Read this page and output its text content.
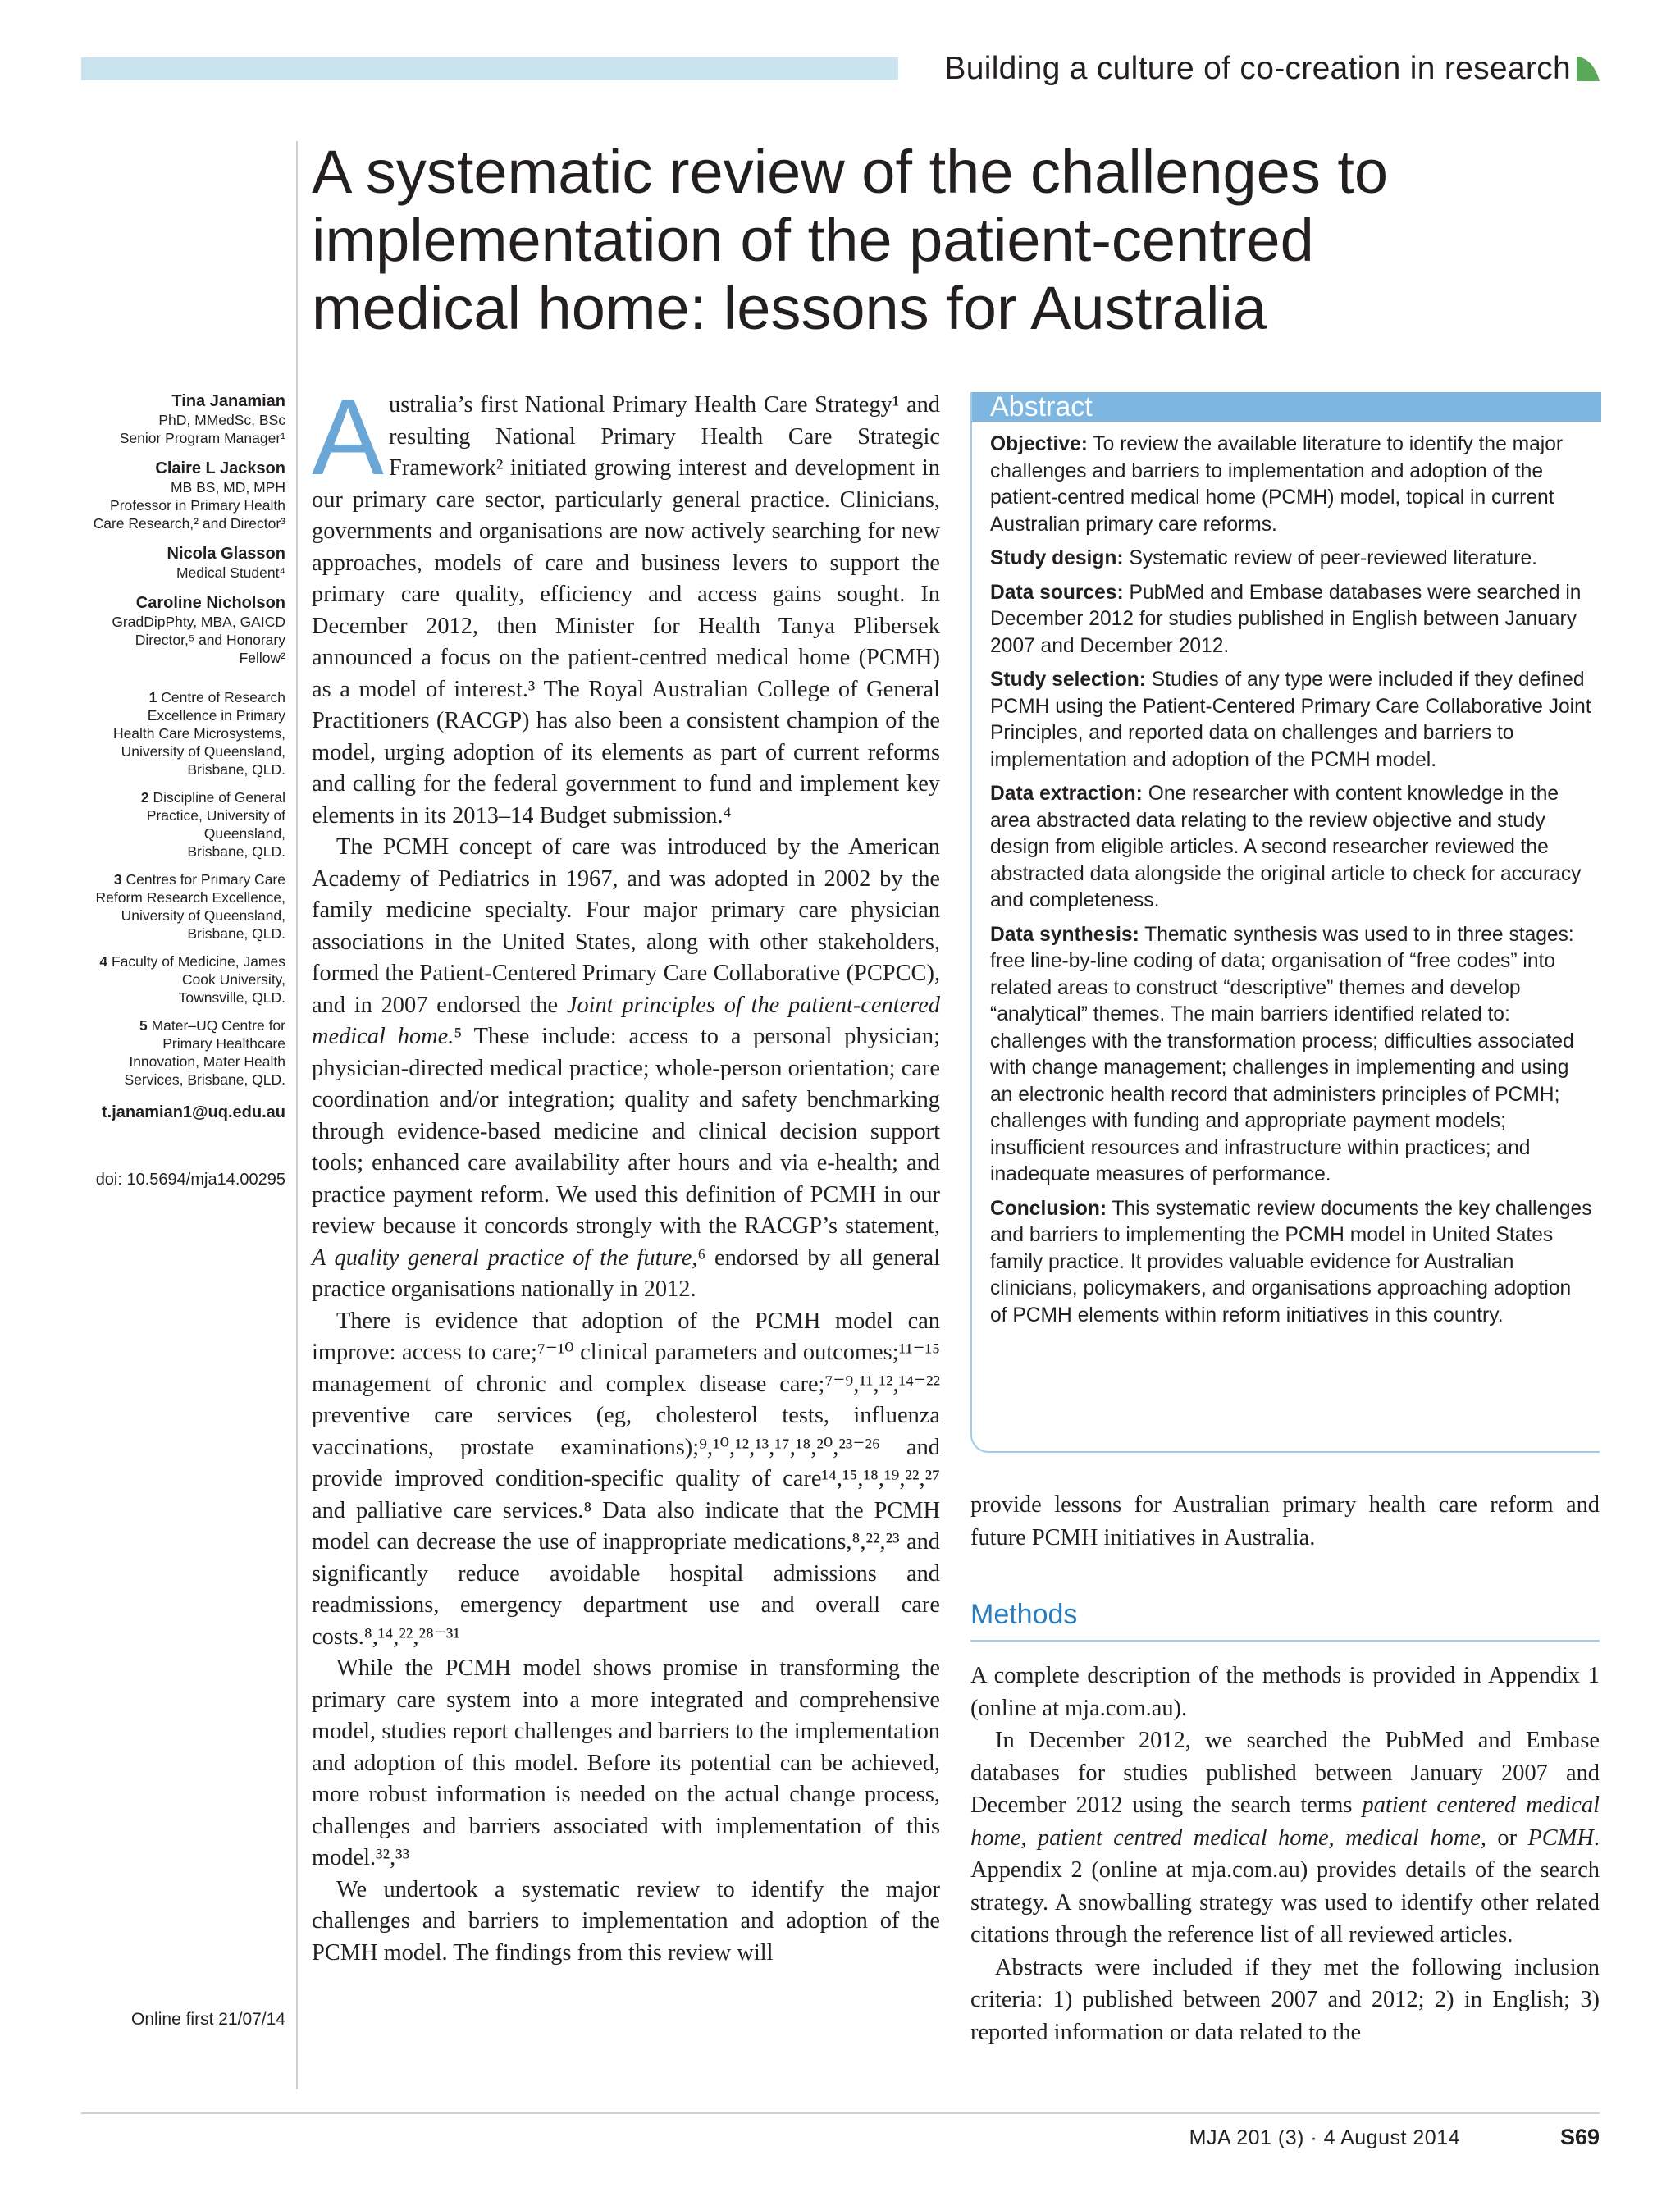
Building a culture of co-creation in research
A systematic review of the challenges to
implementation of the patient-centred
medical home: lessons for Australia
Tina Janamian
PhD, MMedSc, BSc
Senior Program Manager¹
Claire L Jackson
MB BS, MD, MPH
Professor in Primary Health
Care Research,² and Director³
Nicola Glasson
Medical Student⁴
Caroline Nicholson
GradDipPhty, MBA, GAICD
Director,⁵ and Honorary
Fellow²
1 Centre of Research
Excellence in Primary
Health Care Microsystems,
University of Queensland,
Brisbane, QLD.
2 Discipline of General
Practice, University of
Queensland,
Brisbane, QLD.
3 Centres for Primary Care
Reform Research Excellence,
University of Queensland,
Brisbane, QLD.
4 Faculty of Medicine, James
Cook University,
Townsville, QLD.
5 Mater–UQ Centre for
Primary Healthcare
Innovation, Mater Health
Services, Brisbane, QLD.
t.janamian1@uq.edu.au
doi: 10.5694/mja14.00295
Online first 21/07/14

Australia’s first National Primary Health Care Strategy¹ and resulting National Primary Health Care Strategic Framework² initiated growing interest and development in our primary care sector, particularly general practice. Clinicians, governments and organisations are now actively searching for new approaches, models of care and business levers to support the primary care quality, efficiency and access gains sought. In December 2012, then Minister for Health Tanya Plibersek announced a focus on the patient-centred medical home (PCMH) as a model of interest.³ The Royal Australian College of General Practitioners (RACGP) has also been a consistent champion of the model, urging adoption of its elements as part of current reforms and calling for the federal government to fund and implement key elements in its 2013–14 Budget submission.⁴

The PCMH concept of care was introduced by the American Academy of Pediatrics in 1967, and was adopted in 2002 by the family medicine specialty. Four major primary care physician associations in the United States, along with other stakeholders, formed the Patient-Centered Primary Care Collaborative (PCPCC), and in 2007 endorsed the Joint principles of the patient-centered medical home.⁵ These include: access to a personal physician; physician-directed medical practice; whole-person orientation; care coordination and/or integration; quality and safety benchmarking through evidence-based medicine and clinical decision support tools; enhanced care availability after hours and via e-health; and practice payment reform. We used this definition of PCMH in our review because it concords strongly with the RACGP’s statement, A quality general practice of the future,⁶ endorsed by all general practice organisations nationally in 2012.

There is evidence that adoption of the PCMH model can improve: access to care;⁷⁻¹⁰ clinical parameters and outcomes;¹¹⁻¹⁵ management of chronic and complex disease care;⁷⁻⁹,¹¹,¹²,¹⁴⁻²² preventive care services (eg, cholesterol tests, influenza vaccinations, prostate examinations);⁹,¹⁰,¹²,¹³,¹⁷,¹⁸,²⁰,²³⁻²⁶ and provide improved condition-specific quality of care¹⁴,¹⁵,¹⁸,¹⁹,²²,²⁷ and palliative care services.⁸ Data also indicate that the PCMH model can decrease the use of inappropriate medications,⁸,²²,²³ and significantly reduce avoidable hospital admissions and readmissions, emergency department use and overall care costs.⁸,¹⁴,²²,²⁸⁻³¹

While the PCMH model shows promise in transforming the primary care system into a more integrated and comprehensive model, studies report challenges and barriers to the implementation and adoption of this model. Before its potential can be achieved, more robust information is needed on the actual change process, challenges and barriers associated with implementation of this model.³²,³³

We undertook a systematic review to identify the major challenges and barriers to implementation and adoption of the PCMH model. The findings from this review will

Abstract

Objective: To review the available literature to identify the major challenges and barriers to implementation and adoption of the patient-centred medical home (PCMH) model, topical in current Australian primary care reforms.

Study design: Systematic review of peer-reviewed literature.

Data sources: PubMed and Embase databases were searched in December 2012 for studies published in English between January 2007 and December 2012.

Study selection: Studies of any type were included if they defined PCMH using the Patient-Centered Primary Care Collaborative Joint Principles, and reported data on challenges and barriers to implementation and adoption of the PCMH model.

Data extraction: One researcher with content knowledge in the area abstracted data relating to the review objective and study design from eligible articles. A second researcher reviewed the abstracted data alongside the original article to check for accuracy and completeness.

Data synthesis: Thematic synthesis was used to in three stages: free line-by-line coding of data; organisation of “free codes” into related areas to construct “descriptive” themes and develop “analytical” themes. The main barriers identified related to: challenges with the transformation process; difficulties associated with change management; challenges in implementing and using an electronic health record that administers principles of PCMH; challenges with funding and appropriate payment models; insufficient resources and infrastructure within practices; and inadequate measures of performance.

Conclusion: This systematic review documents the key challenges and barriers to implementing the PCMH model in United States family practice. It provides valuable evidence for Australian clinicians, policymakers, and organisations approaching adoption of PCMH elements within reform initiatives in this country.

provide lessons for Australian primary health care reform and future PCMH initiatives in Australia.

Methods

A complete description of the methods is provided in Appendix 1 (online at mja.com.au).

In December 2012, we searched the PubMed and Embase databases for studies published between January 2007 and December 2012 using the search terms patient centered medical home, patient centred medical home, medical home, or PCMH. Appendix 2 (online at mja.com.au) provides details of the search strategy. A snowballing strategy was used to identify other related citations through the reference list of all reviewed articles.

Abstracts were included if they met the following inclusion criteria: 1) published between 2007 and 2012; 2) in English; 3) reported information or data related to the

MJA 201 (3) · 4 August 2014	S69
